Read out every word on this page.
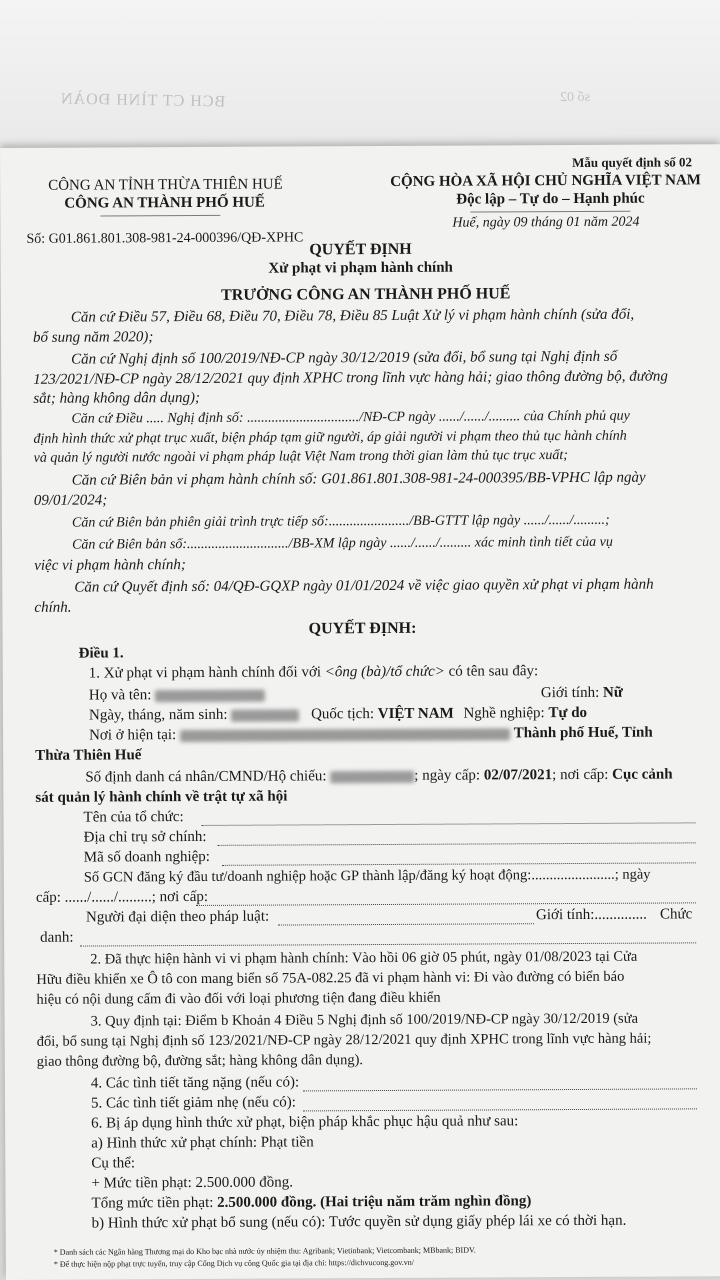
BCH CT TÌNH ĐOÀN	số 02
Mẫu quyết định số 02
CÔNG AN TỈNH THỪA THIÊN HUẾ
CÔNG AN THÀNH PHỐ HUẾ
CỘNG HÒA XÃ HỘI CHỦ NGHĨA VIỆT NAM
Độc lập – Tự do – Hạnh phúc
Số: G01.861.801.308-981-24-000396/QĐ-XPHC
Huế, ngày 09 tháng 01 năm 2024
QUYẾT ĐỊNH
Xử phạt vi phạm hành chính
TRƯỞNG CÔNG AN THÀNH PHỐ HUẾ
Căn cứ Điều 57, Điều 68, Điều 70, Điều 78, Điều 85 Luật Xử lý vi phạm hành chính (sửa đổi,
bổ sung năm 2020);
Căn cứ Nghị định số 100/2019/NĐ-CP ngày 30/12/2019 (sửa đổi, bổ sung tại Nghị định số
123/2021/NĐ-CP ngày 28/12/2021 quy định XPHC trong lĩnh vực hàng hải; giao thông đường bộ, đường
sắt; hàng không dân dụng);
Căn cứ Điều ..... Nghị định số: ................................/NĐ-CP ngày ....../....../......... của Chính phủ quy
định hình thức xử phạt trục xuất, biện pháp tạm giữ người, áp giải người vi phạm theo thủ tục hành chính
và quản lý người nước ngoài vi phạm pháp luật Việt Nam trong thời gian làm thủ tục trục xuất;
Căn cứ Biên bản vi phạm hành chính số: G01.861.801.308-981-24-000395/BB-VPHC lập ngày
09/01/2024;
Căn cứ Biên bản phiên giải trình trực tiếp số:......................./BB-GTTT lập ngày ....../....../.........;
Căn cứ Biên bản số:............................./BB-XM lập ngày ....../....../......... xác minh tình tiết của vụ
việc vi phạm hành chính;
Căn cứ Quyết định số: 04/QĐ-GQXP ngày 01/01/2024 về việc giao quyền xử phạt vi phạm hành
chính.
QUYẾT ĐỊNH:
Điều 1.
1. Xử phạt vi phạm hành chính đối với <ông (bà)/tổ chức> có tên sau đây:
Họ và tên:	Giới tính: Nữ
Ngày, tháng, năm sinh:	Quốc tịch: VIỆT NAM Nghề nghiệp: Tự do
Nơi ở hiện tại:	Thành phố Huế, Tỉnh
Thừa Thiên Huế
Số định danh cá nhân/CMND/Hộ chiếu:	; ngày cấp: 02/07/2021; nơi cấp: Cục cảnh
sát quản lý hành chính về trật tự xã hội
Tên của tổ chức:
Địa chỉ trụ sở chính:
Mã số doanh nghiệp:
Số GCN đăng ký đầu tư/doanh nghiệp hoặc GP thành lập/đăng ký hoạt động:.......................; ngày
cấp: ....../....../.........; nơi cấp:
Người đại diện theo pháp luật:	Giới tính:.............. Chức
danh:
2. Đã thực hiện hành vi vi phạm hành chính: Vào hồi 06 giờ 05 phút, ngày 01/08/2023 tại Cửa
Hữu điều khiển xe Ô tô con mang biển số 75A-082.25 đã vi phạm hành vi: Đi vào đường có biển báo
hiệu có nội dung cấm đi vào đối với loại phương tiện đang điều khiển
3. Quy định tại: Điểm b Khoản 4 Điều 5 Nghị định số 100/2019/NĐ-CP ngày 30/12/2019 (sửa
đổi, bổ sung tại Nghị định số 123/2021/NĐ-CP ngày 28/12/2021 quy định XPHC trong lĩnh vực hàng hải;
giao thông đường bộ, đường sắt; hàng không dân dụng).
4. Các tình tiết tăng nặng (nếu có):
5. Các tình tiết giảm nhẹ (nếu có):
6. Bị áp dụng hình thức xử phạt, biện pháp khắc phục hậu quả như sau:
a) Hình thức xử phạt chính: Phạt tiền
Cụ thể:
+ Mức tiền phạt: 2.500.000 đồng.
Tổng mức tiền phạt: 2.500.000 đồng. (Hai triệu năm trăm nghìn đồng)
b) Hình thức xử phạt bổ sung (nếu có): Tước quyền sử dụng giấy phép lái xe có thời hạn.
* Danh sách các Ngân hàng Thương mại do Kho bạc nhà nước ủy nhiệm thu: Agribank; Vietinbank; Vietcombank; MBbank; BIDV.
* Để thực hiện nộp phạt trực tuyến, truy cập Cổng Dịch vụ công Quốc gia tại địa chỉ: https://dichvucong.gov.vn/
